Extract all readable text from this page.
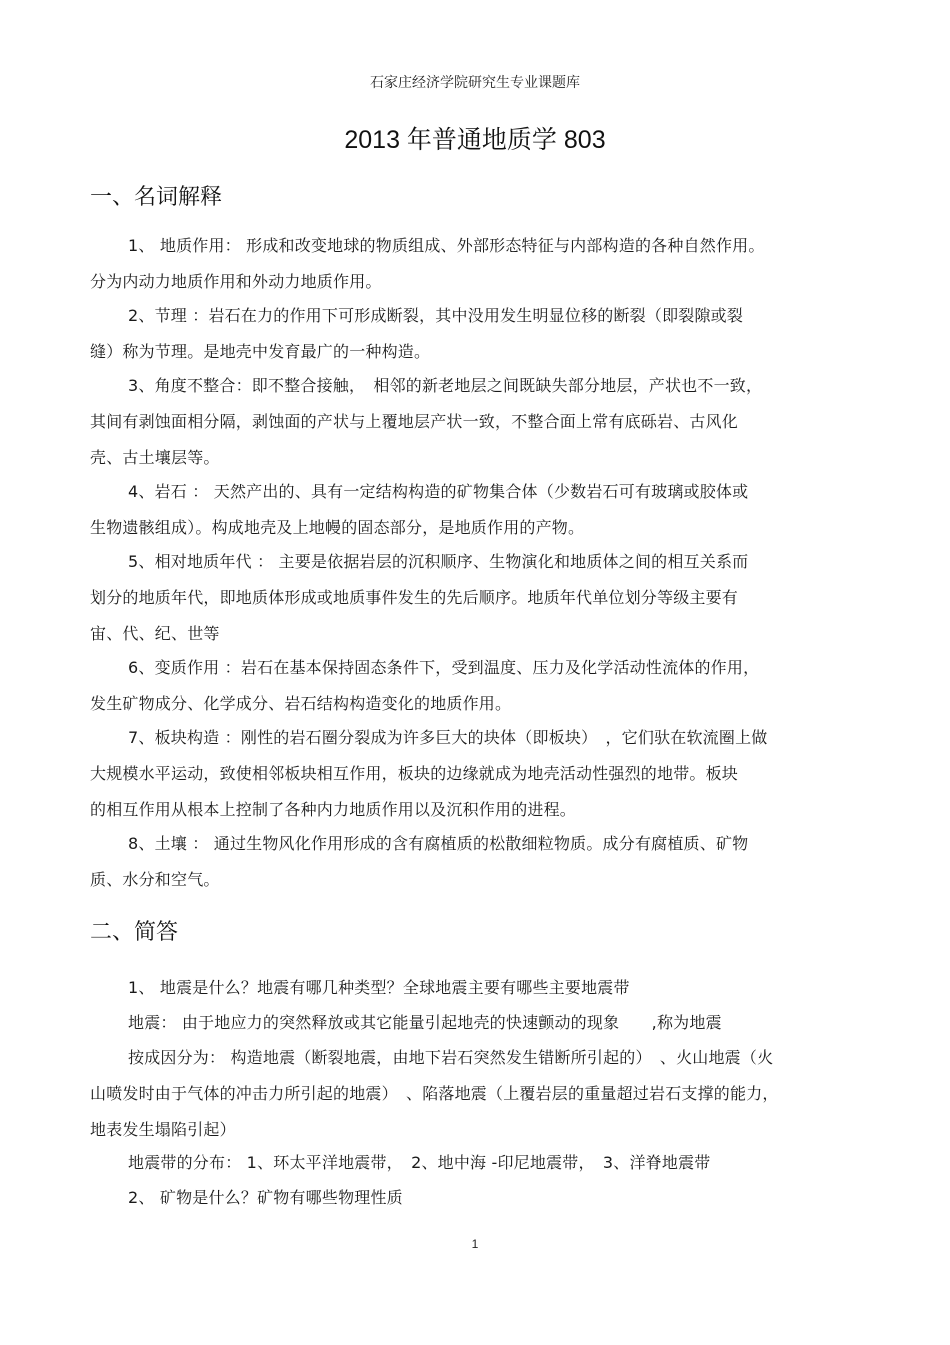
石家庄经济学院研究生专业课题库
2013 年普通地质学 803
一、名词解释
1、 地质作用： 形成和改变地球的物质组成、外部形态特征与内部构造的各种自然作用。
分为内动力地质作用和外动力地质作用。
2、节理 ：岩石在力的作用下可形成断裂，其中没用发生明显位移的断裂（即裂隙或裂
缝）称为节理。是地壳中发育最广的一种构造。
3、角度不整合：即不整合接触，　相邻的新老地层之间既缺失部分地层，产状也不一致，
其间有剥蚀面相分隔，剥蚀面的产状与上覆地层产状一致，不整合面上常有底砾岩、古风化
壳、古土壤层等。
4、岩石 ： 天然产出的、具有一定结构构造的矿物集合体（少数岩石可有玻璃或胶体或
生物遗骸组成）。构成地壳及上地幔的固态部分，是地质作用的产物。
5、相对地质年代 ： 主要是依据岩层的沉积顺序、生物演化和地质体之间的相互关系而
划分的地质年代，即地质体形成或地质事件发生的先后顺序。地质年代单位划分等级主要有
宙、代、纪、世等
6、变质作用 ：岩石在基本保持固态条件下，受到温度、压力及化学活动性流体的作用，
发生矿物成分、化学成分、岩石结构构造变化的地质作用。
7、板块构造 ：刚性的岩石圈分裂成为许多巨大的块体（即板块）　，它们驮在软流圈上做
大规模水平运动，致使相邻板块相互作用，板块的边缘就成为地壳活动性强烈的地带。板块
的相互作用从根本上控制了各种内力地质作用以及沉积作用的进程。
8、土壤 ： 通过生物风化作用形成的含有腐植质的松散细粒物质。成分有腐植质、矿物
质、水分和空气。
二、简答
1、 地震是什么？地震有哪几种类型？全球地震主要有哪些主要地震带
地震： 由于地应力的突然释放或其它能量引起地壳的快速颤动的现象　　,称为地震
按成因分为： 构造地震（断裂地震，由地下岩石突然发生错断所引起的）　、火山地震（火
山喷发时由于气体的冲击力所引起的地震）　、陷落地震（上覆岩层的重量超过岩石支撑的能力，
地表发生塌陷引起）
地震带的分布： 1、环太平洋地震带，　2、地中海 -印尼地震带，　3、洋脊地震带
2、 矿物是什么？矿物有哪些物理性质
1
